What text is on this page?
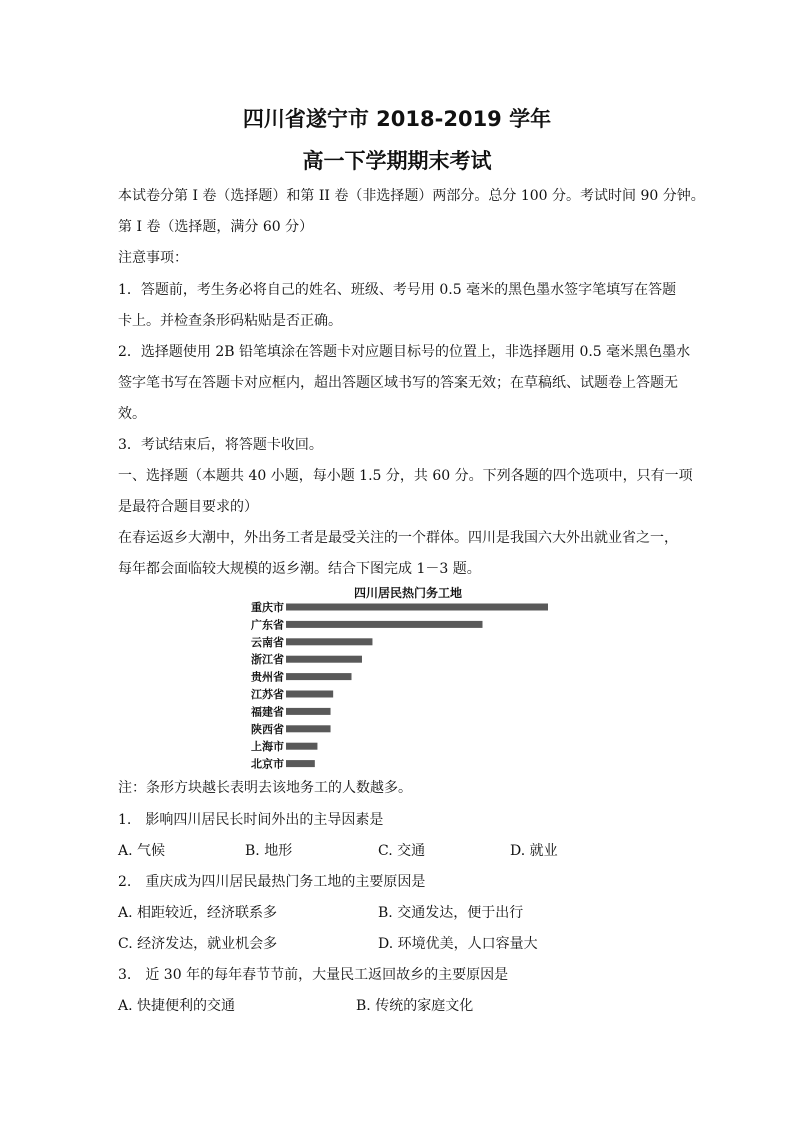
四川省遂宁市 2018-2019 学年
高一下学期期末考试
本试卷分第 I 卷（选择题）和第 II 卷（非选择题）两部分。总分 100 分。考试时间 90 分钟。
第 I 卷（选择题，满分 60 分）
注意事项：
1．答题前，考生务必将自己的姓名、班级、考号用 0.5 毫米的黑色墨水签字笔填写在答题
卡上。并检查条形码粘贴是否正确。
2．选择题使用 2B 铅笔填涂在答题卡对应题目标号的位置上，非选择题用 0.5 毫米黑色墨水
签字笔书写在答题卡对应框内，超出答题区域书写的答案无效；在草稿纸、试题卷上答题无
效。
3．考试结束后，将答题卡收回。
一、选择题（本题共 40 小题，每小题 1.5 分，共 60 分。下列各题的四个选项中，只有一项
是最符合题目要求的）
在春运返乡大潮中，外出务工者是最受关注的一个群体。四川是我国六大外出就业省之一，
每年都会面临较大规模的返乡潮。结合下图完成 1－3 题。
四川居民热门务工地
重庆市
广东省
云南省
浙江省
贵州省
江苏省
福建省
陕西省
上海市
北京市
注：条形方块越长表明去该地务工的人数越多。
1.　影响四川居民长时间外出的主导因素是
A. 气候	B. 地形	C. 交通	D. 就业
2.　重庆成为四川居民最热门务工地的主要原因是
A. 相距较近，经济联系多	B. 交通发达，便于出行
C. 经济发达，就业机会多	D. 环境优美，人口容量大
3.　近 30 年的每年春节节前，大量民工返回故乡的主要原因是
A. 快捷便利的交通	B. 传统的家庭文化
